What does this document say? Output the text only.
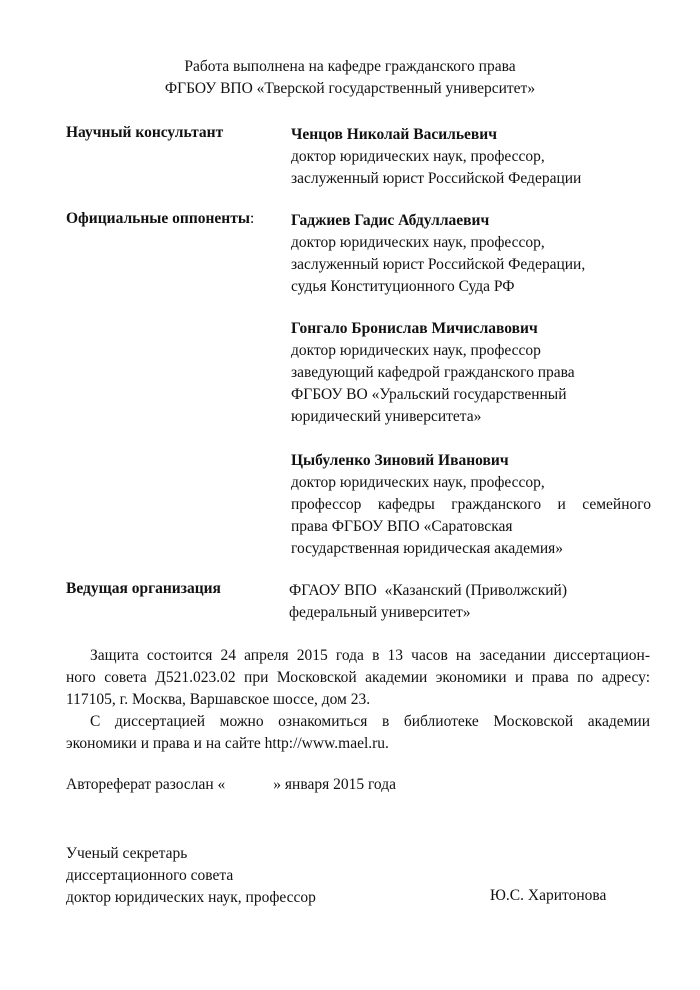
Работа выполнена на кафедре гражданского права
ФГБОУ ВПО «Тверской государственный университет»
Научный консультант	Ченцов Николай Васильевич
доктор юридических наук, профессор,
заслуженный юрист Российской Федерации
Официальные оппоненты: Гаджиев Гадис Абдуллаевич
доктор юридических наук, профессор,
заслуженный юрист Российской Федерации,
судья Конституционного Суда РФ
Гонгало Бронислав Мичиславович
доктор юридических наук, профессор
заведующий кафедрой гражданского права
ФГБОУ ВО «Уральский государственный
юридический университета»
Цыбуленко Зиновий Иванович
доктор юридических наук, профессор,
профессор кафедры гражданского и семейного
права ФГБОУ ВПО «Саратовская
государственная юридическая академия»
Ведущая организация	ФГАОУ ВПО  «Казанский (Приволжский)
федеральный университет»
Защита состоится 24 апреля 2015 года в 13 часов на заседании диссертацион-
ного совета Д521.023.02 при Московской академии экономики и права по адресу:
117105, г. Москва, Варшавское шоссе, дом 23.
С диссертацией можно ознакомиться в библиотеке Московской академии
экономики и права и на сайте http://www.mael.ru.
Автореферат разослан «	» января 2015 года
Ученый секретарь
диссертационного совета
доктор юридических наук, профессор	Ю.С. Харитонова
